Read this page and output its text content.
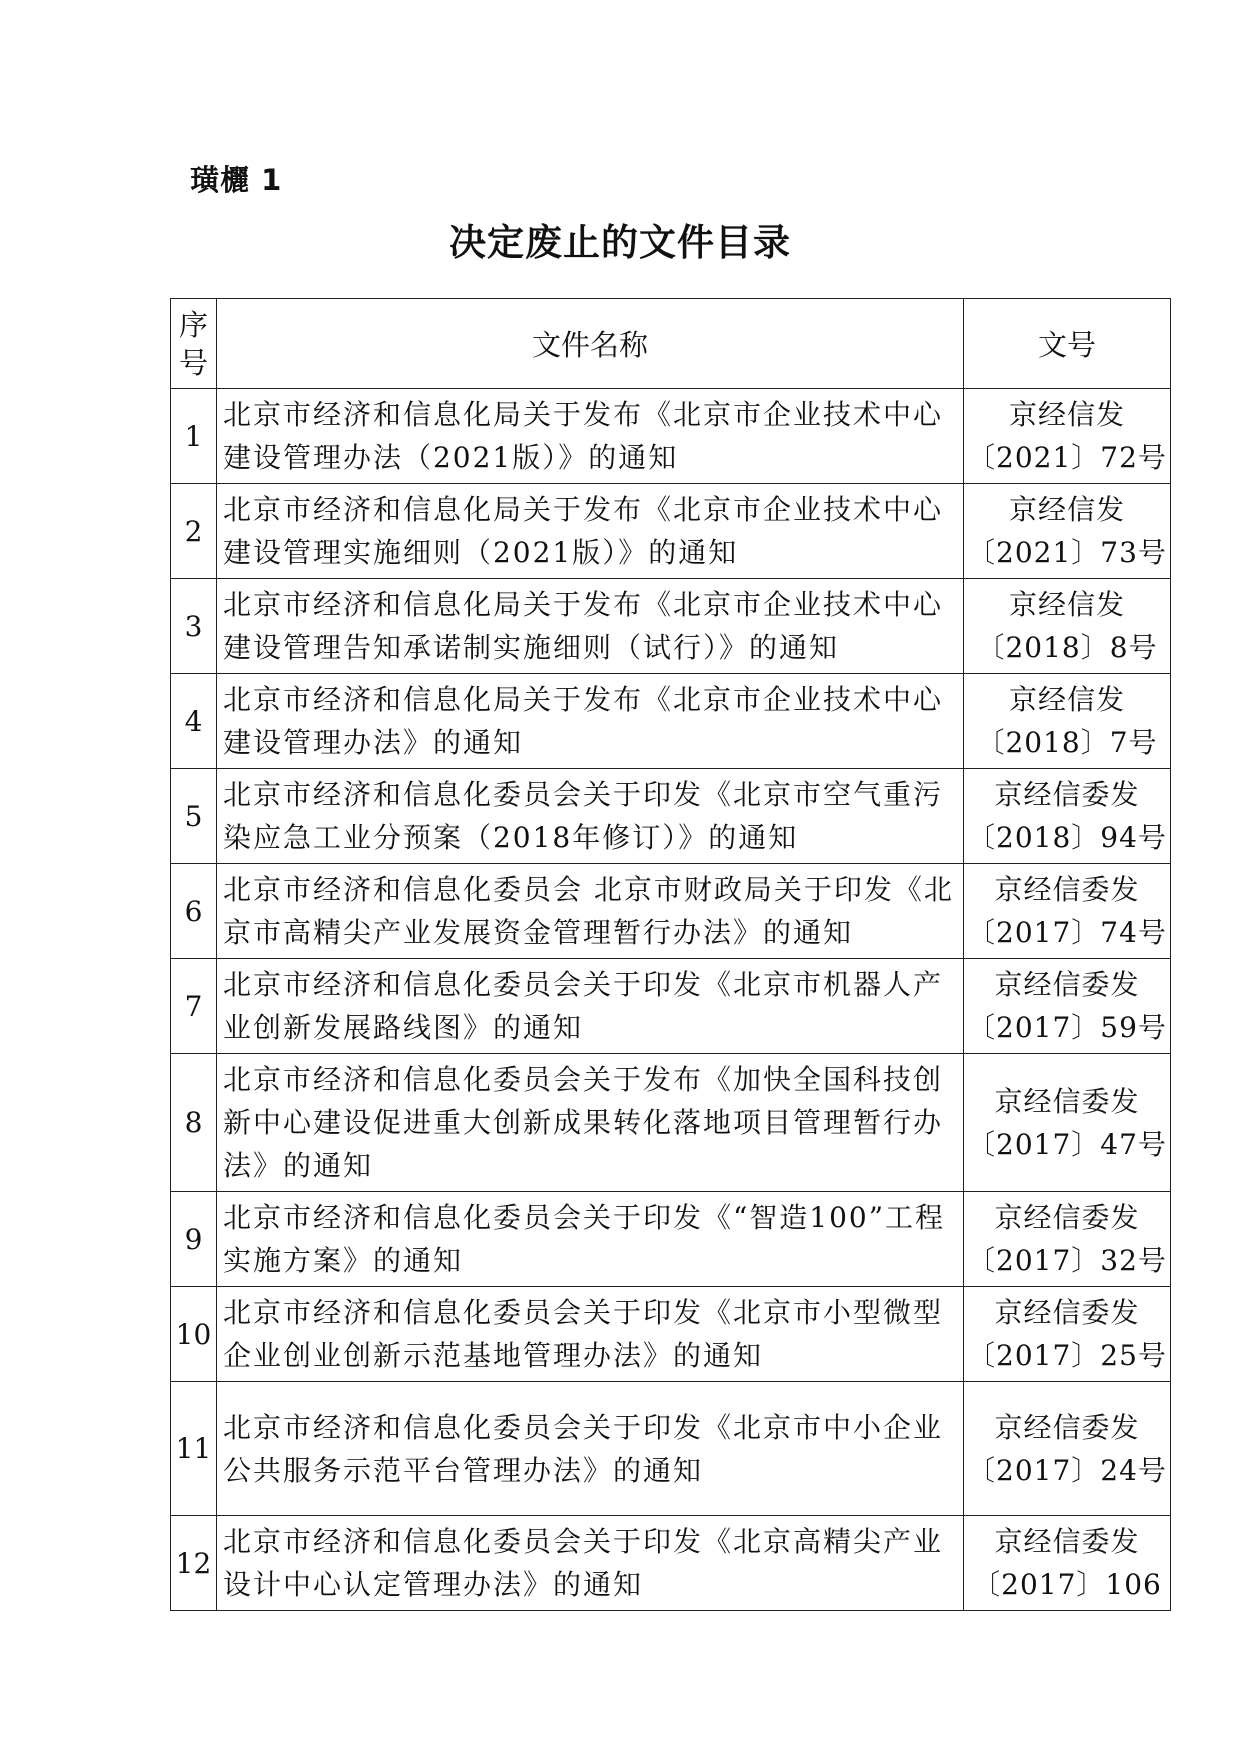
璜欐 1
决定废止的文件目录
序号	文件名称	文号
1	北京市经济和信息化局关于发布《北京市企业技术中心建设管理办法（2021版）》的通知	京经信发
〔2021〕72号

2	北京市经济和信息化局关于发布《北京市企业技术中心建设管理实施细则（2021版）》的通知	京经信发
〔2021〕73号

3	北京市经济和信息化局关于发布《北京市企业技术中心建设管理告知承诺制实施细则（试行）》的通知	京经信发
〔2018〕8号

4	北京市经济和信息化局关于发布《北京市企业技术中心建设管理办法》的通知	京经信发
〔2018〕7号

5	北京市经济和信息化委员会关于印发《北京市空气重污染应急工业分预案（2018年修订）》的通知	京经信委发
〔2018〕94号

6	北京市经济和信息化委员会 北京市财政局关于印发《北京市高精尖产业发展资金管理暂行办法》的通知	京经信委发
〔2017〕74号

7	北京市经济和信息化委员会关于印发《北京市机器人产业创新发展路线图》的通知	京经信委发
〔2017〕59号

8	北京市经济和信息化委员会关于发布《加快全国科技创新中心建设促进重大创新成果转化落地项目管理暂行办法》的通知	京经信委发
〔2017〕47号

9	北京市经济和信息化委员会关于印发《“智造100”工程实施方案》的通知	京经信委发
〔2017〕32号

10	北京市经济和信息化委员会关于印发《北京市小型微型企业创业创新示范基地管理办法》的通知	京经信委发
〔2017〕25号

11	北京市经济和信息化委员会关于印发《北京市中小企业公共服务示范平台管理办法》的通知	京经信委发
〔2017〕24号

12	北京市经济和信息化委员会关于印发《北京高精尖产业设计中心认定管理办法》的通知	京经信委发
〔2017〕106
